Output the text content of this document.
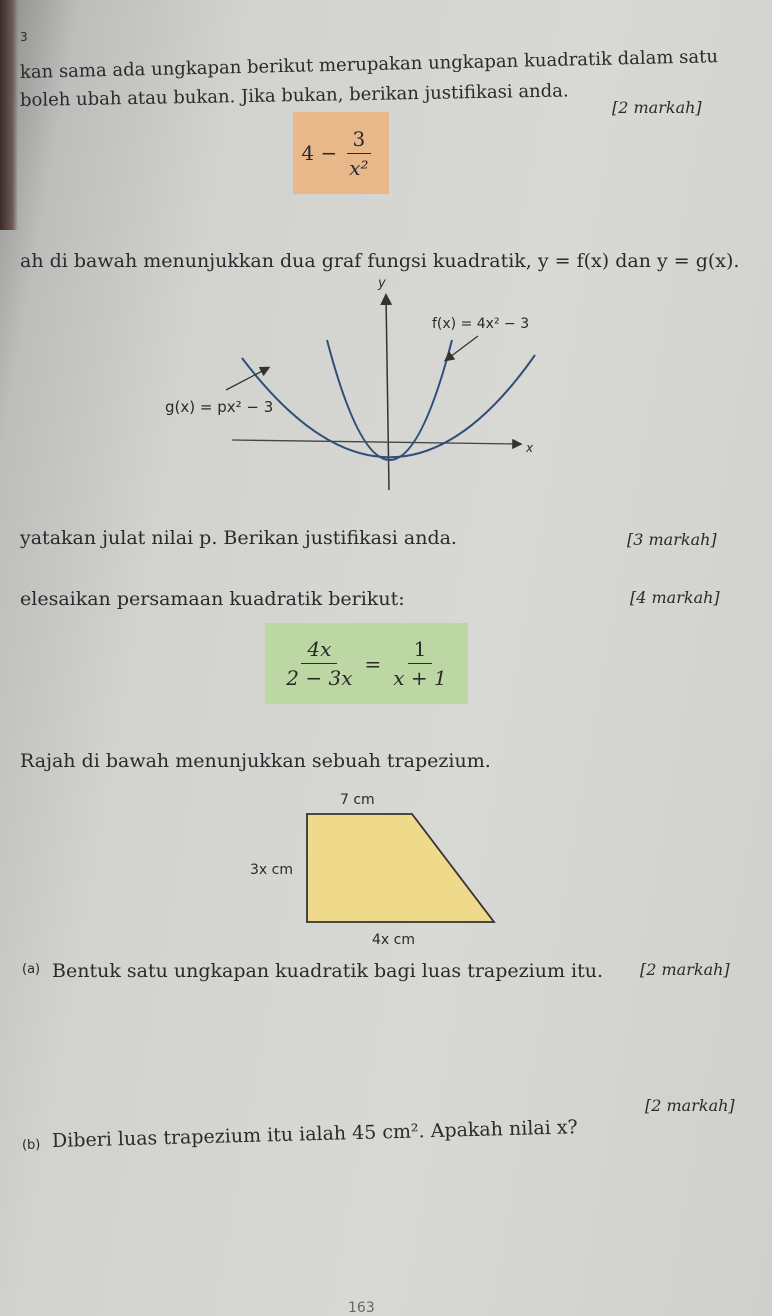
3
kan sama ada ungkapan berikut merupakan ungkapan kuadratik dalam satu
boleh ubah atau bukan. Jika bukan, berikan justifikasi anda.	[2 markah]
$4 - \frac{3}{\text{x²}}$
ah di bawah menunjukkan dua graf fungsi kuadratik, y = f(x) dan y = g(x).
y
x
f(x) = 4x² − 3
g(x) = px² − 3
yatakan julat nilai p. Berikan justifikasi anda.	[3 markah]
elesaikan persamaan kuadratik berikut:	[4 markah]
$\frac{4x}{2 - 3x} = \frac{1}{x + 1}$
Rajah di bawah menunjukkan sebuah trapezium.
7 cm
3x cm
4x cm
(a) Bentuk satu ungkapan kuadratik bagi luas trapezium itu. [2 markah]
(b) Diberi luas trapezium itu ialah 45 cm². Apakah nilai x?
[2 markah]
163
